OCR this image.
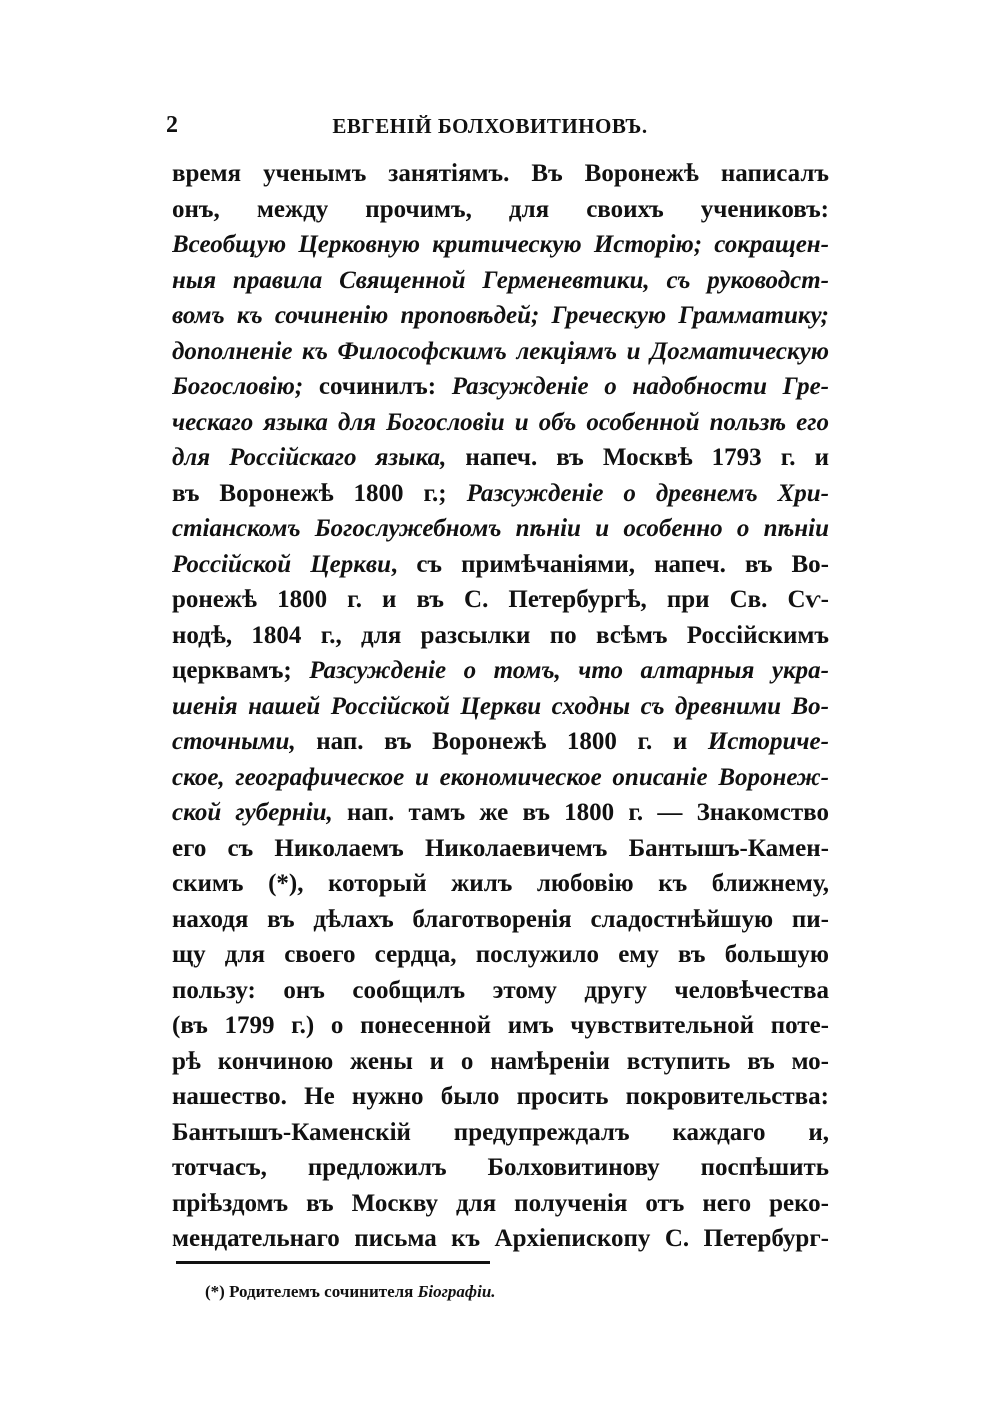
2	ЕВГЕНІЙ БОЛХОВИТИНОВЪ.
время ученымъ занятіямъ. Въ Воронежѣ написалъ
онъ, между прочимъ, для своихъ учениковъ:
Всеобщую Церковную критическую Исторію; сокращен-
ныя правила Священной Герменевтики, съ руководст-
вомъ къ сочиненію проповѣдей; Греческую Грамматику;
дополненіе къ Философскимъ лекціямъ и Догматическую
Богословію; сочинилъ: Разсужденіе о надобности Гре-
ческаго языка для Богословіи и объ особенной пользѣ его
для Россійскаго языка, напеч. въ Москвѣ 1793 г. и
въ Воронежѣ 1800 г.; Разсужденіе о древнемъ Хри-
стіанскомъ Богослужебномъ пѣніи и особенно о пѣніи
Россійской Церкви, съ примѣчаніями, напеч. въ Во-
ронежѣ 1800 г. и въ С. Петербургѣ, при Св. Сѵ-
нодѣ, 1804 г., для разсылки по всѣмъ Россійскимъ
церквамъ; Разсужденіе о томъ, что алтарныя укра-
шенія нашей Россійской Церкви сходны съ древними Во-
сточными, нап. въ Воронежѣ 1800 г. и Историче-
ское, географическое и економическое описаніе Воронеж-
ской губерніи, нап. тамъ же въ 1800 г. — Знакомство
его съ Николаемъ Николаевичемъ Бантышъ-Камен-
скимъ (*), который жилъ любовію къ ближнему,
находя въ дѣлахъ благотворенія сладостнѣйшую пи-
щу для своего сердца, послужило ему въ большую
пользу: онъ сообщилъ этому другу человѣчества
(въ 1799 г.) о понесенной имъ чувствительной поте-
рѣ кончиною жены и о намѣреніи вступить въ мо-
нашество. Не нужно было просить покровительства:
Бантышъ-Каменскій предупреждалъ каждаго и,
тотчасъ, предложилъ Болховитинову поспѣшить
пріѣздомъ въ Москву для полученія отъ него реко-
мендательнаго письма къ Архіепископу С. Петербург-
(*) Родителемъ сочинителя Біографіи.
